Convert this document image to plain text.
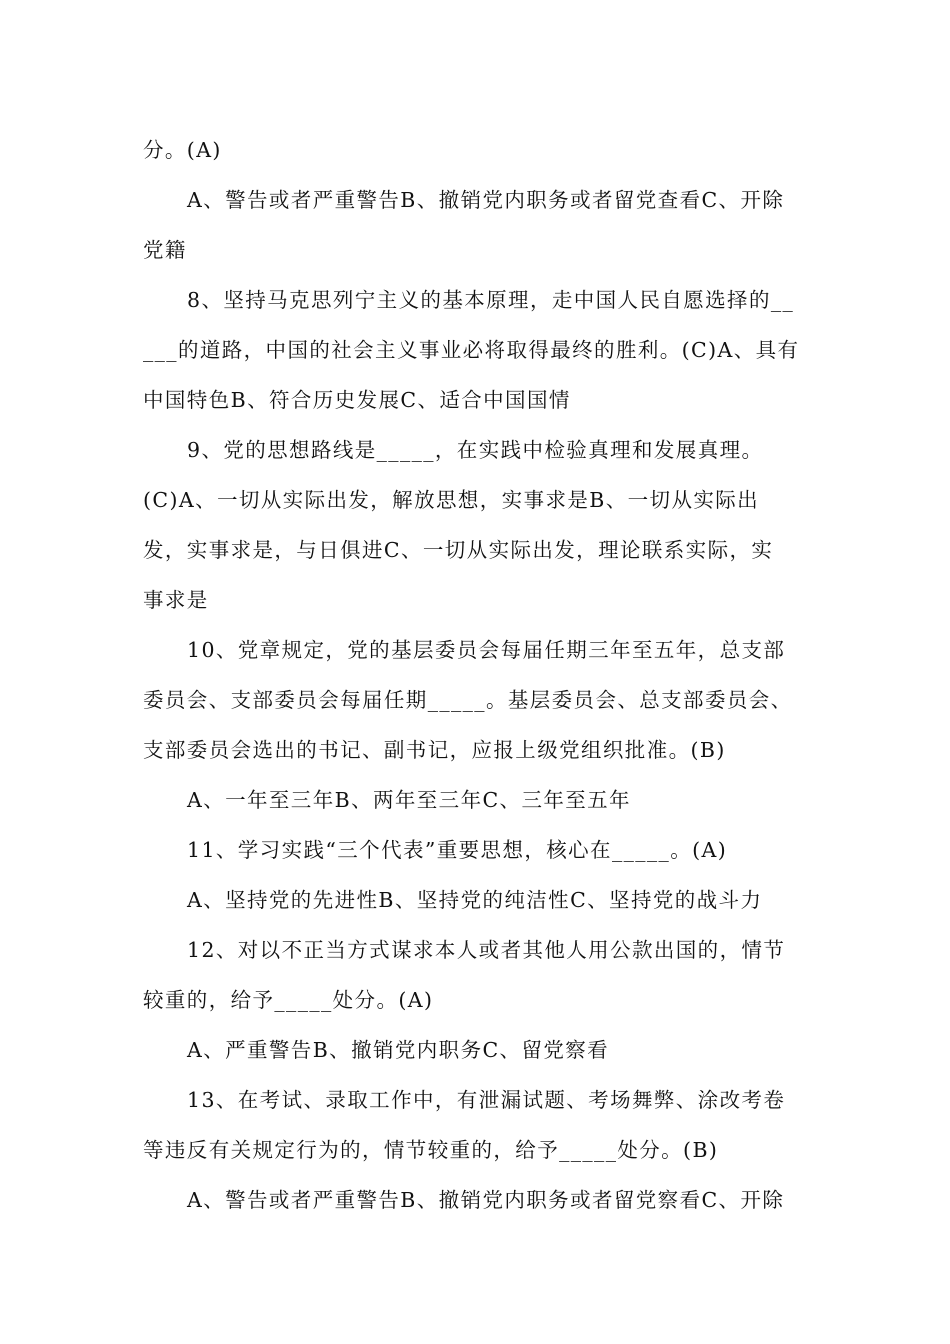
分。(A)
A、警告或者严重警告B、撤销党内职务或者留党查看C、开除
党籍
8、坚持马克思列宁主义的基本原理，走中国人民自愿选择的__
___的道路，中国的社会主义事业必将取得最终的胜利。(C)A、具有
中国特色B、符合历史发展C、适合中国国情
9、党的思想路线是_____，在实践中检验真理和发展真理。
(C)A、一切从实际出发，解放思想，实事求是B、一切从实际出
发，实事求是，与日俱进C、一切从实际出发，理论联系实际，实
事求是
10、党章规定，党的基层委员会每届任期三年至五年，总支部
委员会、支部委员会每届任期_____。基层委员会、总支部委员会、
支部委员会选出的书记、副书记，应报上级党组织批准。(B)
A、一年至三年B、两年至三年C、三年至五年
11、学习实践“三个代表”重要思想，核心在_____。(A)
A、坚持党的先进性B、坚持党的纯洁性C、坚持党的战斗力
12、对以不正当方式谋求本人或者其他人用公款出国的，情节
较重的，给予_____处分。(A)
A、严重警告B、撤销党内职务C、留党察看
13、在考试、录取工作中，有泄漏试题、考场舞弊、涂改考卷
等违反有关规定行为的，情节较重的，给予_____处分。(B)
A、警告或者严重警告B、撤销党内职务或者留党察看C、开除
